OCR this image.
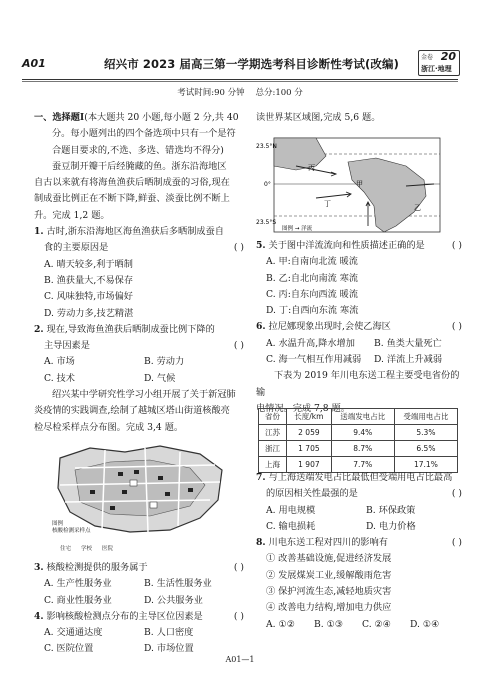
A01	绍兴市 2023 届高三第一学期选考科目诊断性考试(改编)	金卷 20
浙江·地理
考试时间:90 分钟 总分:100 分
一、选择题Ⅰ(本大题共 20 小题,每小题 2 分,共 40
分。每小题列出的四个备选项中只有一个是符
合题目要求的,不选、多选、错选均不得分)
蚕豆制开瓣干后经腌藏的鱼。浙东沿海地区
自古以来就有将海鱼渔获后晒制成蚕的习俗,现在
制成蚕比例正在不断下降,鲜蚕、淡蚕比例不断上
升。完成 1,2 题。
1. 古时,浙东沿海地区海鱼渔获后多晒制成蚕自
食的主要原因是	( )
A. 晴天较多,利于晒制
B. 渔获量大,不易保存
C. 风味独特,市场偏好
D. 劳动力多,技艺精湛
2. 现在,导致海鱼渔获后晒制成蚕比例下降的
主导因素是	( )
A. 市场	B. 劳动力
C. 技术	D. 气候
绍兴某中学研究性学习小组开展了关于新冠肺
炎疫情的实践调查,绘制了越城区塔山街道核酸亮
检尽检采样点分布图。完成 3,4 题。
图例
核酸检测采样点
住宅 学校 医院
3. 核酸检测提供的服务属于	( )
A. 生产性服务业	B. 生活性服务业
C. 商业性服务业	D. 公共服务业
4. 影响核酸检测点分布的主导区位因素是	( )
A. 交通通达度	B. 人口密度
C. 医院位置	D. 市场位置
读世界某区域图,完成 5,6 题。
23.5°N
0°
23.5°S
丙
甲
丁	乙
图例 → 洋流
5. 关于图中洋流流向和性质描述正确的是	( )
A. 甲:自南向北流 暖流
B. 乙:自北向南流 寒流
C. 丙:自东向西流 暖流
D. 丁:自西向东流 寒流
6. 拉尼娜现象出现时,会使乙海区	( )
A. 水温升高,降水增加	B. 鱼类大量死亡
C. 海一气相互作用减弱	D. 洋流上升减弱
下表为 2019 年川电东送工程主要受电省份的输
电情况。完成 7,8 题。
省份	长度/km	送端发电占比	受端用电占比
江苏	2 059	9.4%	5.3%
浙江	1 705	8.7%	6.5%
上海	1 907	7.7%	17.1%
7. 与上海送端发电占比最低但受端用电占比最高
的原因相关性最强的是	( )
A. 用电规模	B. 环保政策
C. 输电损耗	D. 电力价格
8. 川电东送工程对四川的影响有	( )
① 改善基础设施,促进经济发展
② 发展煤炭工业,缓解酸雨危害
③ 保护河流生态,减轻地质灾害
④ 改善电力结构,增加电力供应
A. ①②	B. ①③	C. ②④	D. ①④
A01—1
